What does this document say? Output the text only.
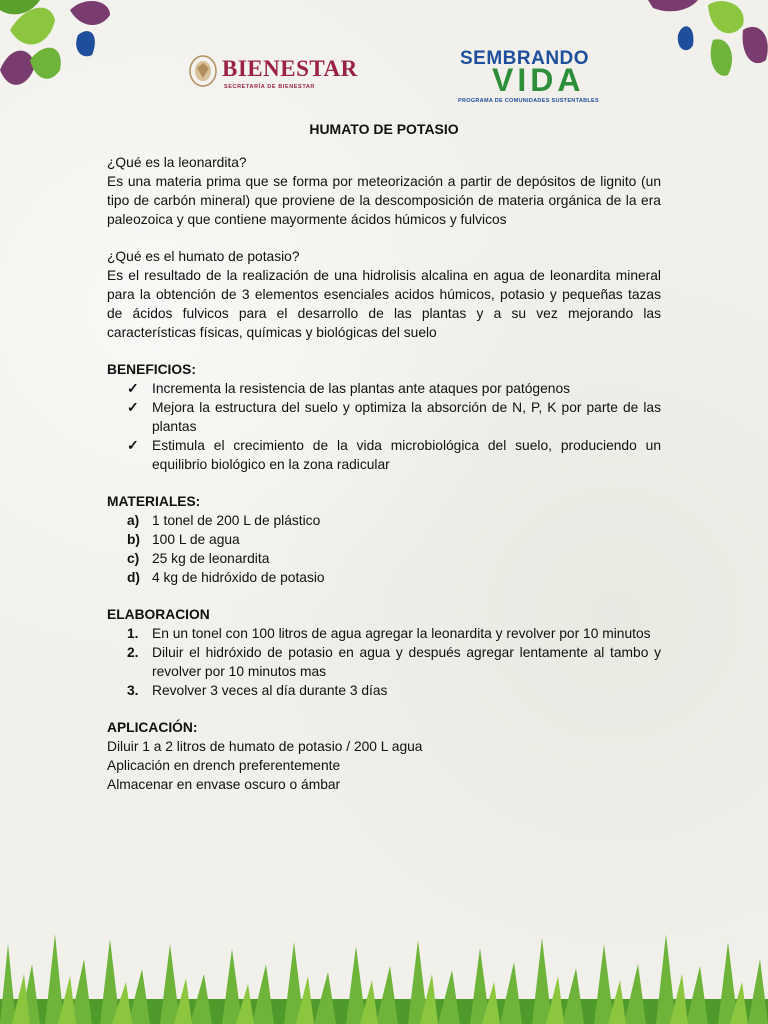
BIENESTAR
SECRETARÍA DE BIENESTAR
SEMBRANDO
VIDA
PROGRAMA DE COMUNIDADES SUSTENTABLES

HUMATO DE POTASIO

¿Qué es la leonardita?

Es una materia prima que se forma por meteorización a partir de depósitos de lignito (un tipo de carbón mineral) que proviene de la descomposición de materia orgánica de la era paleozoica y que contiene mayormente ácidos húmicos y fulvicos

¿Qué es el humato de potasio?

Es el resultado de la realización de una hidrolisis alcalina en agua de leonardita mineral para la obtención de 3 elementos esenciales acidos húmicos, potasio y pequeñas tazas de ácidos fulvicos para el desarrollo de las plantas y a su vez mejorando las características físicas, químicas y biológicas del suelo

BENEFICIOS:

✓ Incrementa la resistencia de las plantas ante ataques por patógenos
✓ Mejora la estructura del suelo y optimiza la absorción de N, P, K por parte de las plantas
✓ Estimula el crecimiento de la vida microbiológica del suelo, produciendo un equilibrio biológico en la zona radicular

MATERIALES:

a) 1 tonel de 200 L de plástico
b) 100 L de agua
c) 25 kg de leonardita
d) 4 kg de hidróxido de potasio

ELABORACION

1. En un tonel con 100 litros de agua agregar la leonardita y revolver por 10 minutos
2. Diluir el hidróxido de potasio en agua y después agregar lentamente al tambo y revolver por 10 minutos mas
3. Revolver 3 veces al día durante 3 días

APLICACIÓN:

Diluir 1 a 2 litros de humato de potasio / 200 L agua

Aplicación en drench preferentemente

Almacenar en envase oscuro o ámbar
